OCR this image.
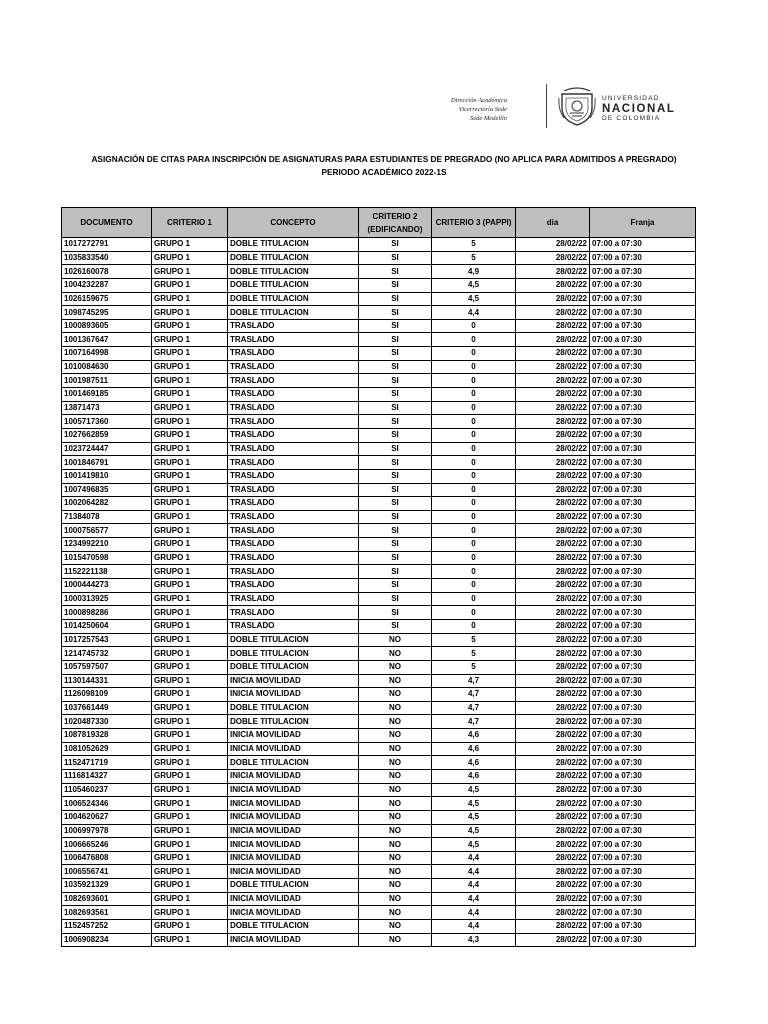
Dirección Académica
Vicerrectoría Sede
Sede Medellín
UNIVERSIDAD
NACIONAL
DE COLOMBIA
ASIGNACIÓN DE CITAS PARA INSCRIPCIÓN DE ASIGNATURAS PARA ESTUDIANTES DE PREGRADO (NO APLICA PARA ADMITIDOS A PREGRADO)
PERIODO ACADÉMICO 2022-1S
DOCUMENTO	CRITERIO 1	CONCEPTO	CRITERIO 2 (EDIFICANDO)	CRITERIO 3 (PAPPI)	dia	Franja
1017272791	GRUPO 1	DOBLE TITULACION	SI	5	28/02/22	07:00 a 07:30
1035833540	GRUPO 1	DOBLE TITULACION	SI	5	28/02/22	07:00 a 07:30
1026160078	GRUPO 1	DOBLE TITULACION	SI	4,9	28/02/22	07:00 a 07:30
1004232287	GRUPO 1	DOBLE TITULACION	SI	4,5	28/02/22	07:00 a 07:30
1026159675	GRUPO 1	DOBLE TITULACION	SI	4,5	28/02/22	07:00 a 07:30
1098745295	GRUPO 1	DOBLE TITULACION	SI	4,4	28/02/22	07:00 a 07:30
1000893605	GRUPO 1	TRASLADO	SI	0	28/02/22	07:00 a 07:30
1001367647	GRUPO 1	TRASLADO	SI	0	28/02/22	07:00 a 07:30
1007164998	GRUPO 1	TRASLADO	SI	0	28/02/22	07:00 a 07:30
1010084630	GRUPO 1	TRASLADO	SI	0	28/02/22	07:00 a 07:30
1001987511	GRUPO 1	TRASLADO	SI	0	28/02/22	07:00 a 07:30
1001469185	GRUPO 1	TRASLADO	SI	0	28/02/22	07:00 a 07:30
13871473	GRUPO 1	TRASLADO	SI	0	28/02/22	07:00 a 07:30
1005717360	GRUPO 1	TRASLADO	SI	0	28/02/22	07:00 a 07:30
1027662859	GRUPO 1	TRASLADO	SI	0	28/02/22	07:00 a 07:30
1023724447	GRUPO 1	TRASLADO	SI	0	28/02/22	07:00 a 07:30
1001846791	GRUPO 1	TRASLADO	SI	0	28/02/22	07:00 a 07:30
1001419810	GRUPO 1	TRASLADO	SI	0	28/02/22	07:00 a 07:30
1007496835	GRUPO 1	TRASLADO	SI	0	28/02/22	07:00 a 07:30
1002064282	GRUPO 1	TRASLADO	SI	0	28/02/22	07:00 a 07:30
71384078	GRUPO 1	TRASLADO	SI	0	28/02/22	07:00 a 07:30
1000756577	GRUPO 1	TRASLADO	SI	0	28/02/22	07:00 a 07:30
1234992210	GRUPO 1	TRASLADO	SI	0	28/02/22	07:00 a 07:30
1015470598	GRUPO 1	TRASLADO	SI	0	28/02/22	07:00 a 07:30
1152221138	GRUPO 1	TRASLADO	SI	0	28/02/22	07:00 a 07:30
1000444273	GRUPO 1	TRASLADO	SI	0	28/02/22	07:00 a 07:30
1000313925	GRUPO 1	TRASLADO	SI	0	28/02/22	07:00 a 07:30
1000898286	GRUPO 1	TRASLADO	SI	0	28/02/22	07:00 a 07:30
1014250604	GRUPO 1	TRASLADO	SI	0	28/02/22	07:00 a 07:30
1017257543	GRUPO 1	DOBLE TITULACION	NO	5	28/02/22	07:00 a 07:30
1214745732	GRUPO 1	DOBLE TITULACION	NO	5	28/02/22	07:00 a 07:30
1057597507	GRUPO 1	DOBLE TITULACION	NO	5	28/02/22	07:00 a 07:30
1130144331	GRUPO 1	INICIA MOVILIDAD	NO	4,7	28/02/22	07:00 a 07:30
1126098109	GRUPO 1	INICIA MOVILIDAD	NO	4,7	28/02/22	07:00 a 07:30
1037661449	GRUPO 1	DOBLE TITULACION	NO	4,7	28/02/22	07:00 a 07:30
1020487330	GRUPO 1	DOBLE TITULACION	NO	4,7	28/02/22	07:00 a 07:30
1087819328	GRUPO 1	INICIA MOVILIDAD	NO	4,6	28/02/22	07:00 a 07:30
1081052629	GRUPO 1	INICIA MOVILIDAD	NO	4,6	28/02/22	07:00 a 07:30
1152471719	GRUPO 1	DOBLE TITULACION	NO	4,6	28/02/22	07:00 a 07:30
1116814327	GRUPO 1	INICIA MOVILIDAD	NO	4,6	28/02/22	07:00 a 07:30
1105460237	GRUPO 1	INICIA MOVILIDAD	NO	4,5	28/02/22	07:00 a 07:30
1006524346	GRUPO 1	INICIA MOVILIDAD	NO	4,5	28/02/22	07:00 a 07:30
1004620627	GRUPO 1	INICIA MOVILIDAD	NO	4,5	28/02/22	07:00 a 07:30
1006997978	GRUPO 1	INICIA MOVILIDAD	NO	4,5	28/02/22	07:00 a 07:30
1006665246	GRUPO 1	INICIA MOVILIDAD	NO	4,5	28/02/22	07:00 a 07:30
1006476808	GRUPO 1	INICIA MOVILIDAD	NO	4,4	28/02/22	07:00 a 07:30
1006556741	GRUPO 1	INICIA MOVILIDAD	NO	4,4	28/02/22	07:00 a 07:30
1035921329	GRUPO 1	DOBLE TITULACION	NO	4,4	28/02/22	07:00 a 07:30
1082693601	GRUPO 1	INICIA MOVILIDAD	NO	4,4	28/02/22	07:00 a 07:30
1082693561	GRUPO 1	INICIA MOVILIDAD	NO	4,4	28/02/22	07:00 a 07:30
1152457252	GRUPO 1	DOBLE TITULACION	NO	4,4	28/02/22	07:00 a 07:30
1006908234	GRUPO 1	INICIA MOVILIDAD	NO	4,3	28/02/22	07:00 a 07:30
